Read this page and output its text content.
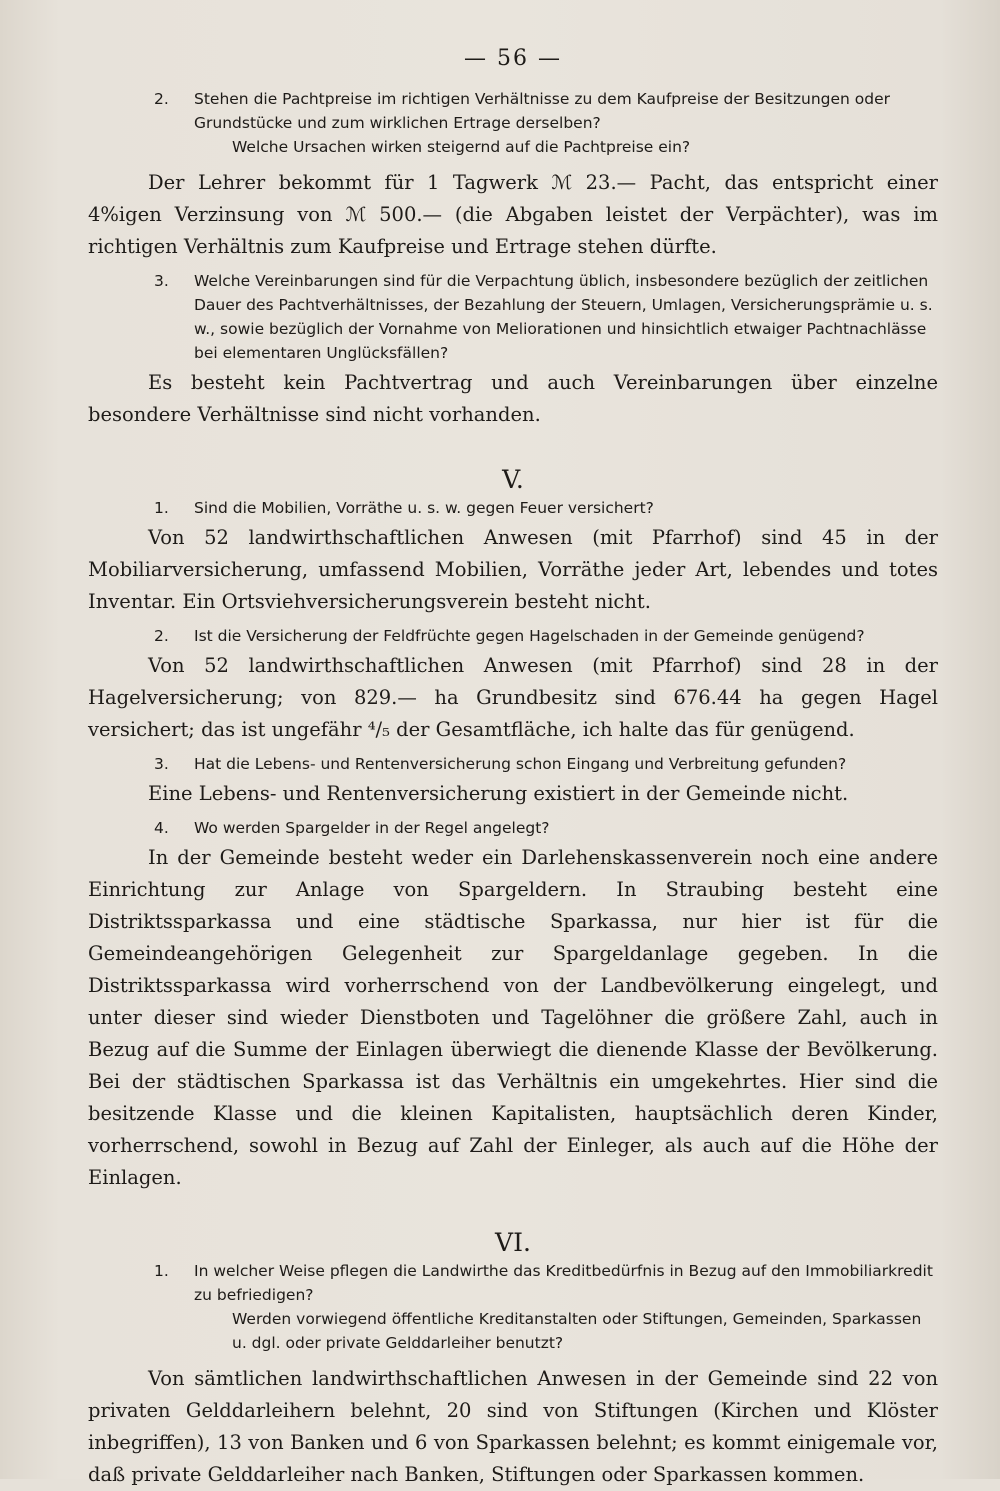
— 56 —
2. Stehen die Pachtpreise im richtigen Verhältnisse zu dem Kaufpreise der Besitzungen oder Grundstücke und zum wirklichen Ertrage derselben?
Welche Ursachen wirken steigernd auf die Pachtpreise ein?

Der Lehrer bekommt für 1 Tagwerk ℳ 23.— Pacht, das entspricht einer 4%igen Verzinsung von ℳ 500.— (die Abgaben leistet der Verpächter), was im richtigen Verhältnis zum Kaufpreise und Ertrage stehen dürfte.

3. Welche Vereinbarungen sind für die Verpachtung üblich, insbesondere bezüglich der zeitlichen Dauer des Pachtverhältnisses, der Bezahlung der Steuern, Umlagen, Versicherungsprämie u. s. w., sowie bezüglich der Vornahme von Meliorationen und hinsichtlich etwaiger Pachtnachlässe bei elementaren Unglücksfällen?

Es besteht kein Pachtvertrag und auch Vereinbarungen über einzelne besondere Verhältnisse sind nicht vorhanden.

V.
1. Sind die Mobilien, Vorräthe u. s. w. gegen Feuer versichert?

Von 52 landwirthschaftlichen Anwesen (mit Pfarrhof) sind 45 in der Mobiliarversicherung, umfassend Mobilien, Vorräthe jeder Art, lebendes und totes Inventar. Ein Ortsviehversicherungsverein besteht nicht.

2. Ist die Versicherung der Feldfrüchte gegen Hagelschaden in der Gemeinde genügend?

Von 52 landwirthschaftlichen Anwesen (mit Pfarrhof) sind 28 in der Hagelversicherung; von 829.— ha Grundbesitz sind 676.44 ha gegen Hagel versichert; das ist ungefähr ⁴/₅ der Gesamtfläche, ich halte das für genügend.

3. Hat die Lebens- und Rentenversicherung schon Eingang und Verbreitung gefunden?

Eine Lebens- und Rentenversicherung existiert in der Gemeinde nicht.

4. Wo werden Spargelder in der Regel angelegt?

In der Gemeinde besteht weder ein Darlehenskassenverein noch eine andere Einrichtung zur Anlage von Spargeldern. In Straubing besteht eine Distriktssparkassa und eine städtische Sparkassa, nur hier ist für die Gemeindeangehörigen Gelegenheit zur Spargeldanlage gegeben. In die Distriktssparkassa wird vorherrschend von der Landbevölkerung eingelegt, und unter dieser sind wieder Dienstboten und Tagelöhner die größere Zahl, auch in Bezug auf die Summe der Einlagen überwiegt die dienende Klasse der Bevölkerung. Bei der städtischen Sparkassa ist das Verhältnis ein umgekehrtes. Hier sind die besitzende Klasse und die kleinen Kapitalisten, hauptsächlich deren Kinder, vorherrschend, sowohl in Bezug auf Zahl der Einleger, als auch auf die Höhe der Einlagen.

VI.
1. In welcher Weise pflegen die Landwirthe das Kreditbedürfnis in Bezug auf den Immobiliarkredit zu befriedigen?
Werden vorwiegend öffentliche Kreditanstalten oder Stiftungen, Gemeinden, Sparkassen u. dgl. oder private Gelddarleiher benutzt?

Von sämtlichen landwirthschaftlichen Anwesen in der Gemeinde sind 22 von privaten Gelddarleihern belehnt, 20 sind von Stiftungen (Kirchen und Klöster inbegriffen), 13 von Banken und 6 von Sparkassen belehnt; es kommt einigemale vor, daß private Gelddarleiher nach Banken, Stiftungen oder Sparkassen kommen.
